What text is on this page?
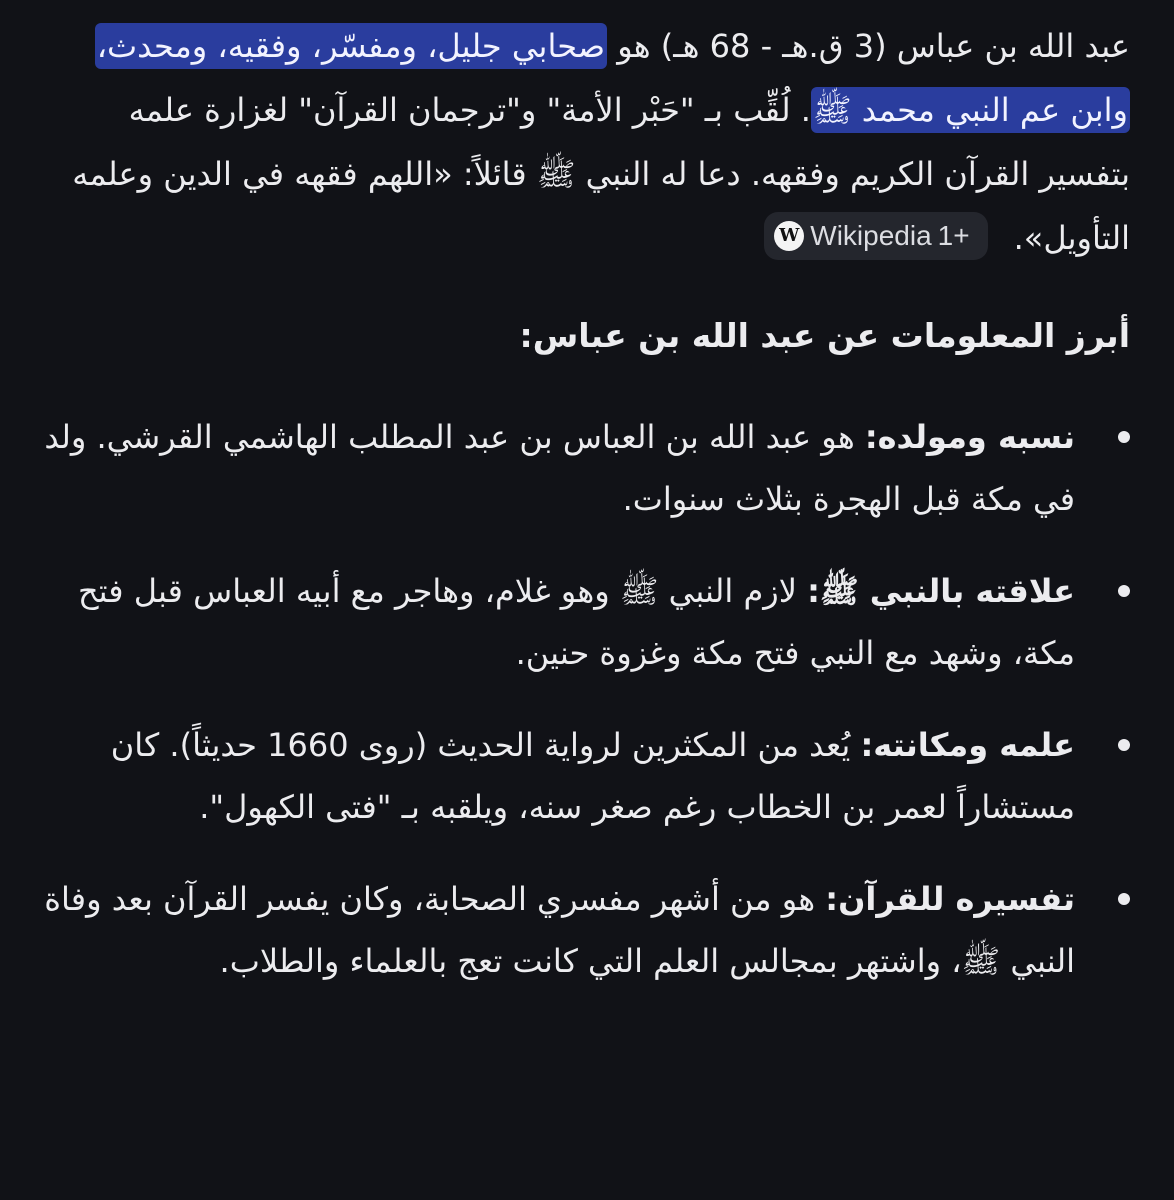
عبد الله بن عباس (3 ق.هـ - 68 هـ) هو صحابي جليل، ومفسّر، وفقيه، ومحدث، وابن عم النبي محمد ﷺ. لُقِّب بـ "حَبْر الأمة" و"ترجمان القرآن" لغزارة علمه بتفسير القرآن الكريم وفقهه. دعا له النبي ﷺ قائلاً: «اللهم فقهه في الدين وعلمه التأويل».
W Wikipedia 1+

أبرز المعلومات عن عبد الله بن عباس:
نسبه ومولده: هو عبد الله بن العباس بن عبد المطلب الهاشمي القرشي. ولد في مكة قبل الهجرة بثلاث سنوات.
علاقته بالنبي ﷺ: لازم النبي ﷺ وهو غلام، وهاجر مع أبيه العباس قبل فتح مكة، وشهد مع النبي فتح مكة وغزوة حنين.
علمه ومكانته: يُعد من المكثرين لرواية الحديث (روى 1660 حديثاً). كان مستشاراً لعمر بن الخطاب رغم صغر سنه، ويلقبه بـ "فتى الكهول".
تفسيره للقرآن: هو من أشهر مفسري الصحابة، وكان يفسر القرآن بعد وفاة النبي ﷺ، واشتهر بمجالس العلم التي كانت تعج بالعلماء والطلاب.
